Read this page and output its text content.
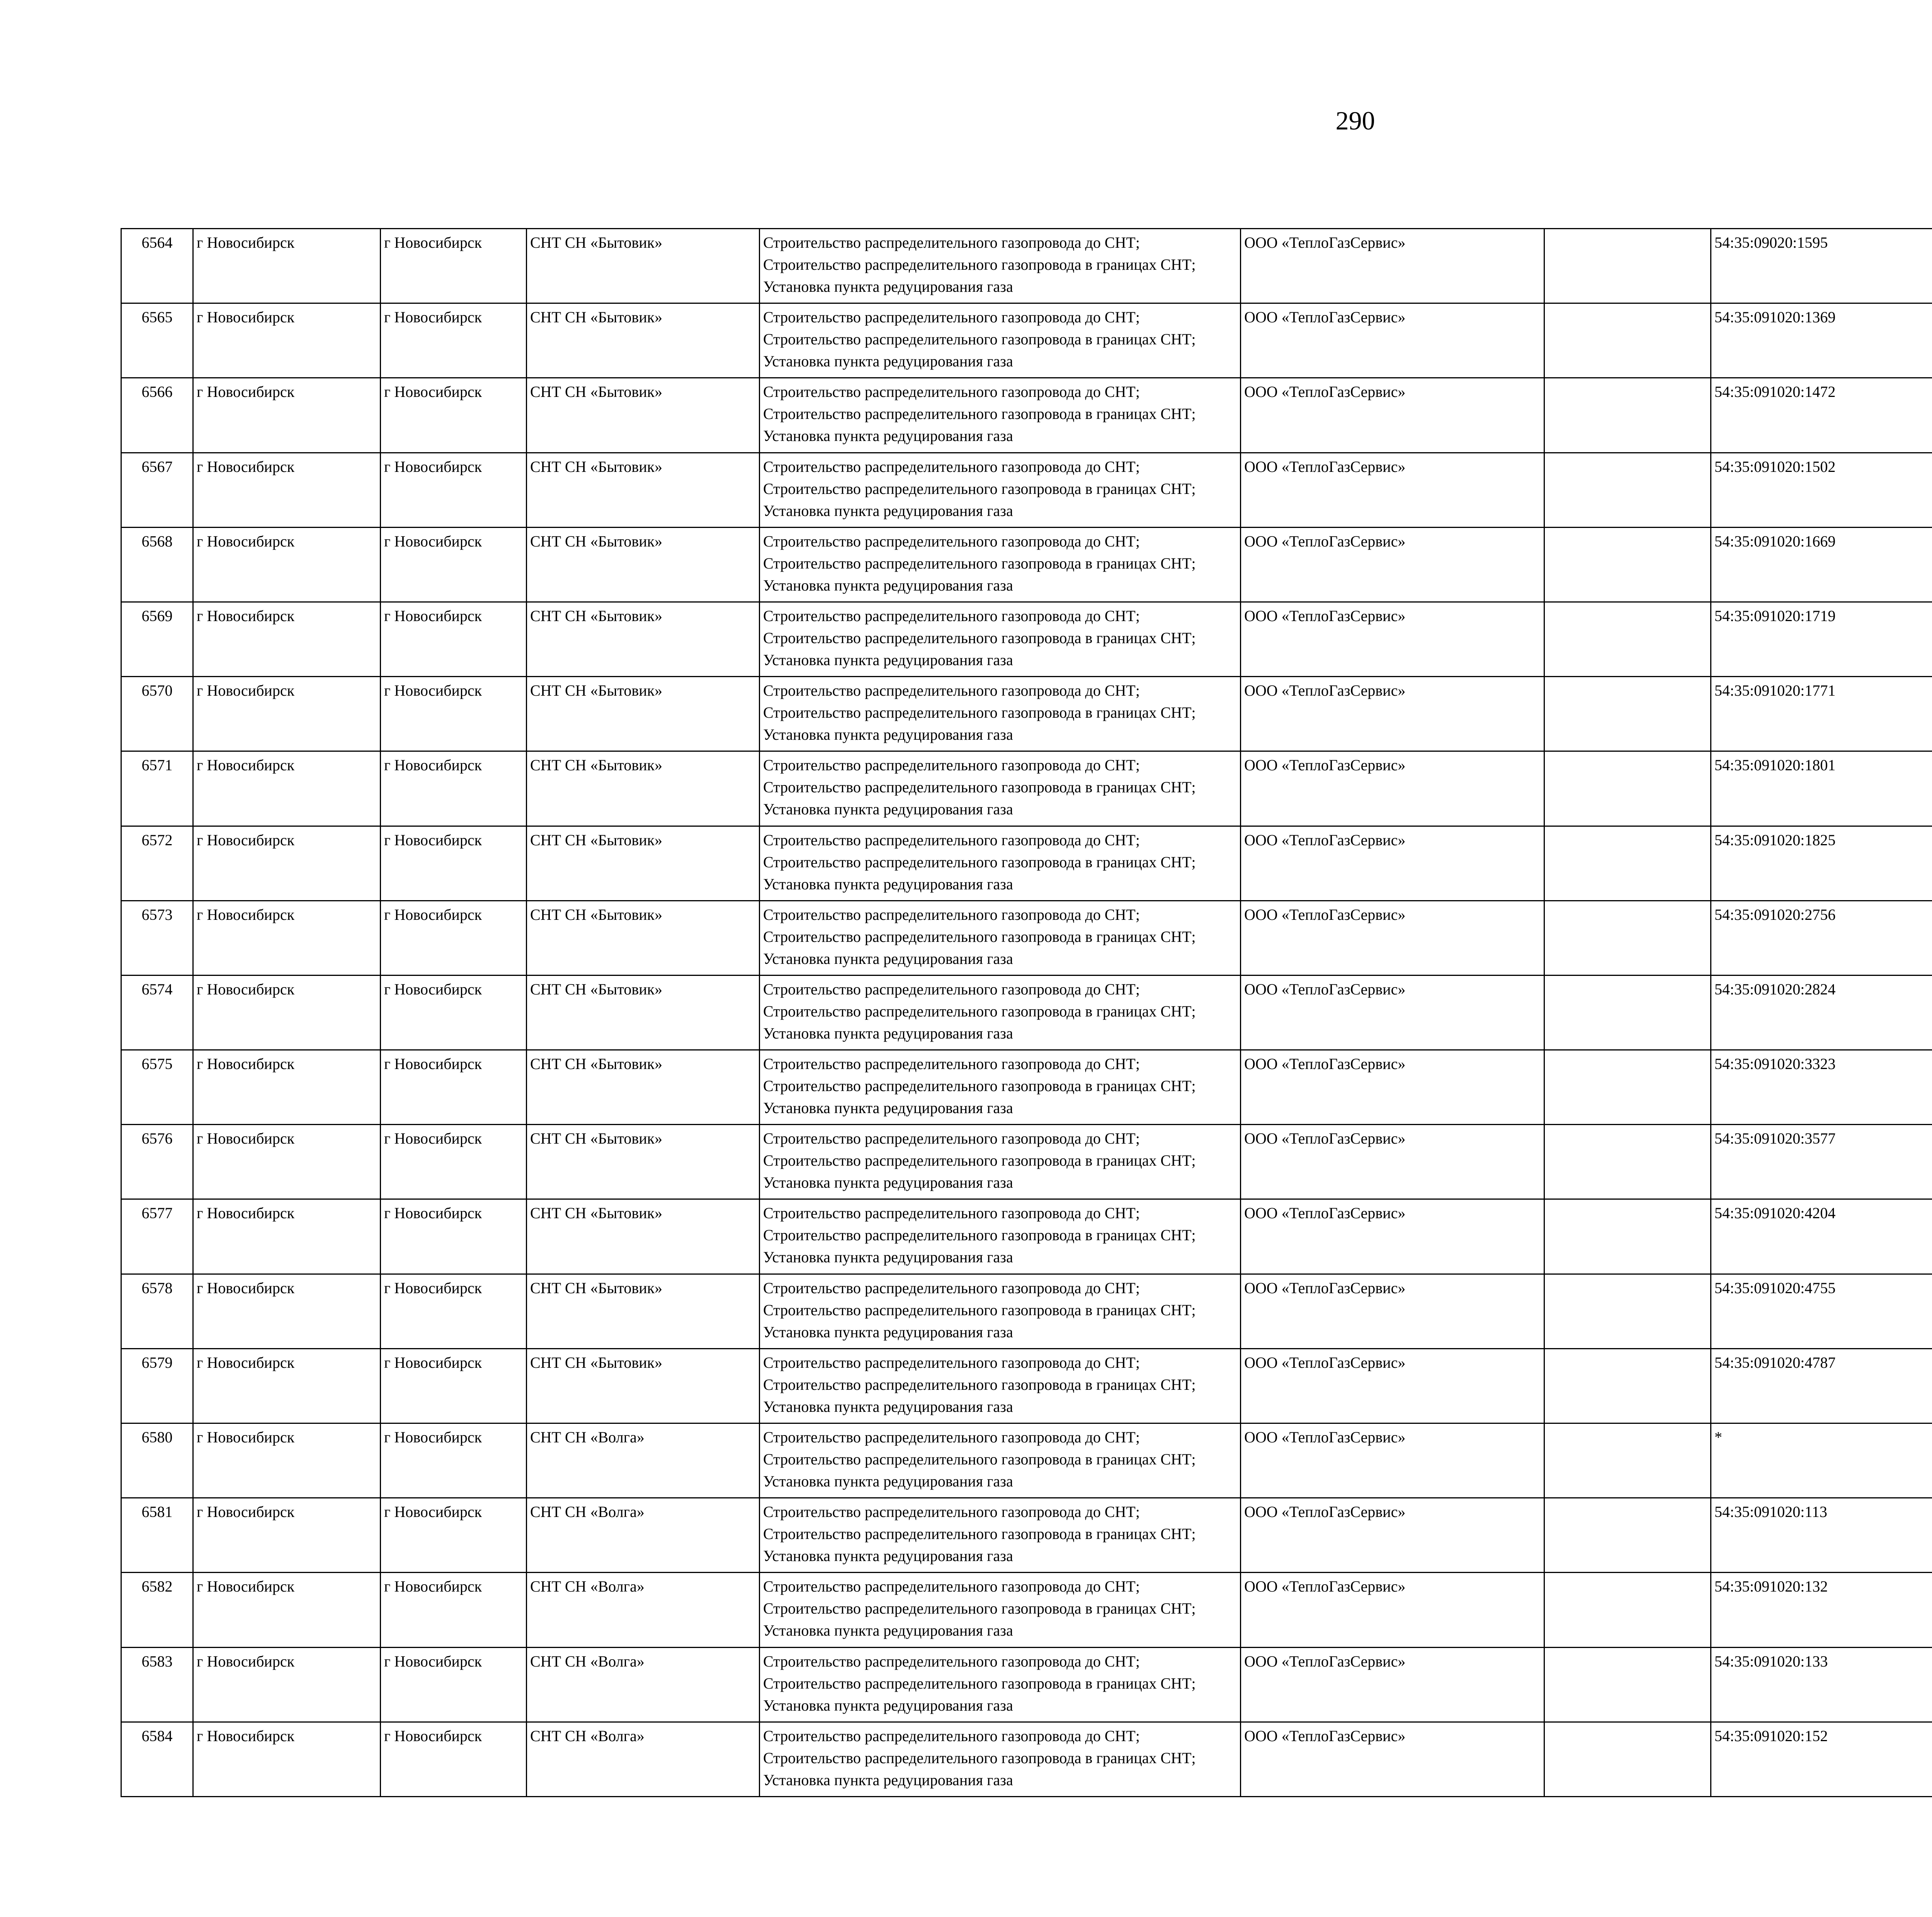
290
6564	г Новосибирск	г Новосибирск	СНТ СН «Бытовик»	Строительство распределительного газопровода до СНТ; Строительство распределительного газопровода в границах СНТ; Установка пункта редуцирования газа	ООО «ТеплоГазСервис»		54:35:09020:1595					
6565	г Новосибирск	г Новосибирск	СНТ СН «Бытовик»	Строительство распределительного газопровода до СНТ; Строительство распределительного газопровода в границах СНТ; Установка пункта редуцирования газа	ООО «ТеплоГазСервис»		54:35:091020:1369					
6566	г Новосибирск	г Новосибирск	СНТ СН «Бытовик»	Строительство распределительного газопровода до СНТ; Строительство распределительного газопровода в границах СНТ; Установка пункта редуцирования газа	ООО «ТеплоГазСервис»		54:35:091020:1472					
6567	г Новосибирск	г Новосибирск	СНТ СН «Бытовик»	Строительство распределительного газопровода до СНТ; Строительство распределительного газопровода в границах СНТ; Установка пункта редуцирования газа	ООО «ТеплоГазСервис»		54:35:091020:1502					
6568	г Новосибирск	г Новосибирск	СНТ СН «Бытовик»	Строительство распределительного газопровода до СНТ; Строительство распределительного газопровода в границах СНТ; Установка пункта редуцирования газа	ООО «ТеплоГазСервис»		54:35:091020:1669					
6569	г Новосибирск	г Новосибирск	СНТ СН «Бытовик»	Строительство распределительного газопровода до СНТ; Строительство распределительного газопровода в границах СНТ; Установка пункта редуцирования газа	ООО «ТеплоГазСервис»		54:35:091020:1719					
6570	г Новосибирск	г Новосибирск	СНТ СН «Бытовик»	Строительство распределительного газопровода до СНТ; Строительство распределительного газопровода в границах СНТ; Установка пункта редуцирования газа	ООО «ТеплоГазСервис»		54:35:091020:1771					
6571	г Новосибирск	г Новосибирск	СНТ СН «Бытовик»	Строительство распределительного газопровода до СНТ; Строительство распределительного газопровода в границах СНТ; Установка пункта редуцирования газа	ООО «ТеплоГазСервис»		54:35:091020:1801					
6572	г Новосибирск	г Новосибирск	СНТ СН «Бытовик»	Строительство распределительного газопровода до СНТ; Строительство распределительного газопровода в границах СНТ; Установка пункта редуцирования газа	ООО «ТеплоГазСервис»		54:35:091020:1825					
6573	г Новосибирск	г Новосибирск	СНТ СН «Бытовик»	Строительство распределительного газопровода до СНТ; Строительство распределительного газопровода в границах СНТ; Установка пункта редуцирования газа	ООО «ТеплоГазСервис»		54:35:091020:2756					
6574	г Новосибирск	г Новосибирск	СНТ СН «Бытовик»	Строительство распределительного газопровода до СНТ; Строительство распределительного газопровода в границах СНТ; Установка пункта редуцирования газа	ООО «ТеплоГазСервис»		54:35:091020:2824					
6575	г Новосибирск	г Новосибирск	СНТ СН «Бытовик»	Строительство распределительного газопровода до СНТ; Строительство распределительного газопровода в границах СНТ; Установка пункта редуцирования газа	ООО «ТеплоГазСервис»		54:35:091020:3323					
6576	г Новосибирск	г Новосибирск	СНТ СН «Бытовик»	Строительство распределительного газопровода до СНТ; Строительство распределительного газопровода в границах СНТ; Установка пункта редуцирования газа	ООО «ТеплоГазСервис»		54:35:091020:3577					
6577	г Новосибирск	г Новосибирск	СНТ СН «Бытовик»	Строительство распределительного газопровода до СНТ; Строительство распределительного газопровода в границах СНТ; Установка пункта редуцирования газа	ООО «ТеплоГазСервис»		54:35:091020:4204					
6578	г Новосибирск	г Новосибирск	СНТ СН «Бытовик»	Строительство распределительного газопровода до СНТ; Строительство распределительного газопровода в границах СНТ; Установка пункта редуцирования газа	ООО «ТеплоГазСервис»		54:35:091020:4755					
6579	г Новосибирск	г Новосибирск	СНТ СН «Бытовик»	Строительство распределительного газопровода до СНТ; Строительство распределительного газопровода в границах СНТ; Установка пункта редуцирования газа	ООО «ТеплоГазСервис»		54:35:091020:4787					
6580	г Новосибирск	г Новосибирск	СНТ СН «Волга»	Строительство распределительного газопровода до СНТ; Строительство распределительного газопровода в границах СНТ; Установка пункта редуцирования газа	ООО «ТеплоГазСервис»		*					
6581	г Новосибирск	г Новосибирск	СНТ СН «Волга»	Строительство распределительного газопровода до СНТ; Строительство распределительного газопровода в границах СНТ; Установка пункта редуцирования газа	ООО «ТеплоГазСервис»		54:35:091020:113					
6582	г Новосибирск	г Новосибирск	СНТ СН «Волга»	Строительство распределительного газопровода до СНТ; Строительство распределительного газопровода в границах СНТ; Установка пункта редуцирования газа	ООО «ТеплоГазСервис»		54:35:091020:132					
6583	г Новосибирск	г Новосибирск	СНТ СН «Волга»	Строительство распределительного газопровода до СНТ; Строительство распределительного газопровода в границах СНТ; Установка пункта редуцирования газа	ООО «ТеплоГазСервис»		54:35:091020:133					
6584	г Новосибирск	г Новосибирск	СНТ СН «Волга»	Строительство распределительного газопровода до СНТ; Строительство распределительного газопровода в границах СНТ; Установка пункта редуцирования газа	ООО «ТеплоГазСервис»		54:35:091020:152					
